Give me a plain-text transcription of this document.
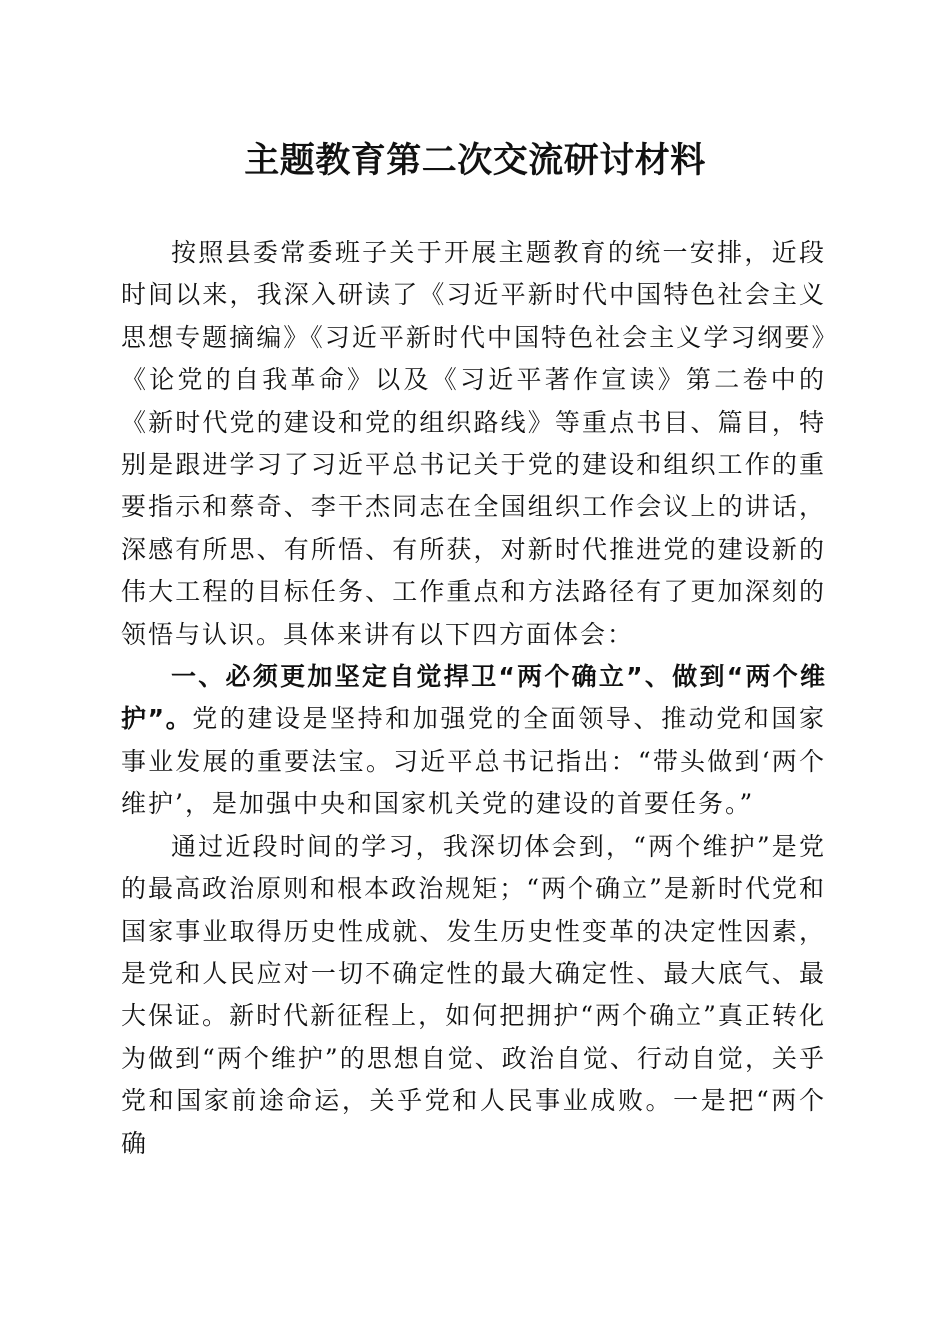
主题教育第二次交流研讨材料

按照县委常委班子关于开展主题教育的统一安排，近段时间以来，我深入研读了《习近平新时代中国特色社会主义思想专题摘编》《习近平新时代中国特色社会主义学习纲要》《论党的自我革命》以及《习近平著作宣读》第二卷中的《新时代党的建设和党的组织路线》等重点书目、篇目，特别是跟进学习了习近平总书记关于党的建设和组织工作的重要指示和蔡奇、李干杰同志在全国组织工作会议上的讲话，深感有所思、有所悟、有所获，对新时代推进党的建设新的伟大工程的目标任务、工作重点和方法路径有了更加深刻的领悟与认识。具体来讲有以下四方面体会：

一、必须更加坚定自觉捍卫“两个确立”、做到“两个维护”。党的建设是坚持和加强党的全面领导、推动党和国家事业发展的重要法宝。习近平总书记指出：“带头做到‘两个维护’，是加强中央和国家机关党的建设的首要任务。”

通过近段时间的学习，我深切体会到，“两个维护”是党的最高政治原则和根本政治规矩；“两个确立”是新时代党和国家事业取得历史性成就、发生历史性变革的决定性因素，是党和人民应对一切不确定性的最大确定性、最大底气、最大保证。新时代新征程上，如何把拥护“两个确立”真正转化为做到“两个维护”的思想自觉、政治自觉、行动自觉，关乎党和国家前途命运，关乎党和人民事业成败。一是把“两个确
